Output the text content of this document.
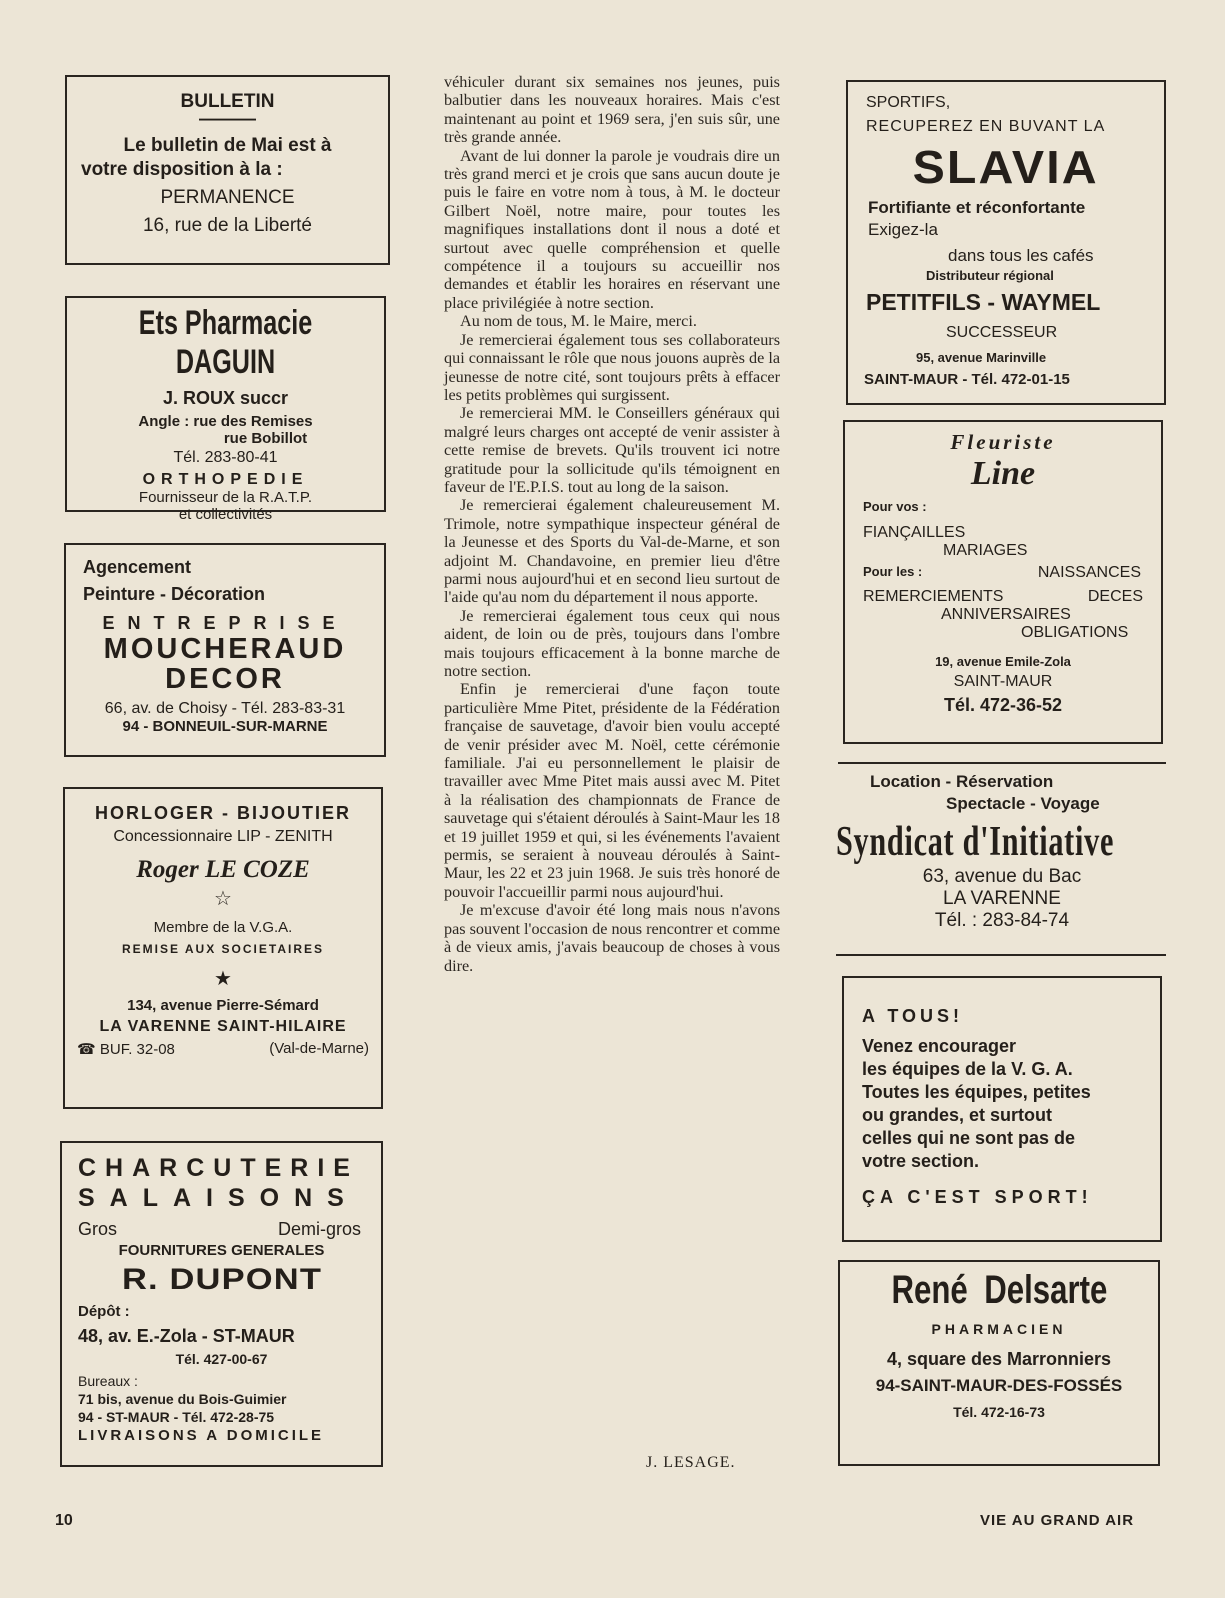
BULLETIN
———
Le bulletin de Mai est à
votre disposition à la :
PERMANENCE
16, rue de la Liberté
Ets Pharmacie DAGUIN
J. ROUX succr
Angle : rue des Remises
rue Bobillot
Tél. 283-80-41
ORTHOPEDIE
Fournisseur de la R.A.T.P.
et collectivités
Agencement
Peinture - Décoration
ENTREPRISE
MOUCHERAUD
DECOR
66, av. de Choisy - Tél. 283-83-31
94 - BONNEUIL-SUR-MARNE
HORLOGER - BIJOUTIER
Concessionnaire LIP - ZENITH
Roger LE COZE
☆
Membre de la V.G.A.
REMISE AUX SOCIETAIRES
★
134, avenue Pierre-Sémard
LA VARENNE SAINT-HILAIRE
☎ BUF. 32-08	(Val-de-Marne)
CHARCUTERIE
SALAISONS
Gros	Demi-gros
FOURNITURES GENERALES
R. DUPONT
Dépôt :
48, av. E.-Zola - ST-MAUR
Tél. 427-00-67
Bureaux :
71 bis, avenue du Bois-Guimier
94 - ST-MAUR - Tél. 472-28-75
LIVRAISONS A DOMICILE

véhiculer durant six semaines nos jeunes, puis balbutier dans les nouveaux horaires. Mais c'est maintenant au point et 1969 sera, j'en suis sûr, une très grande année.

Avant de lui donner la parole je voudrais dire un très grand merci et je crois que sans aucun doute je puis le faire en votre nom à tous, à M. le docteur Gilbert Noël, notre maire, pour toutes les magnifiques installations dont il nous a doté et surtout avec quelle compréhension et quelle compétence il a toujours su accueillir nos demandes et établir les horaires en réservant une place privilégiée à notre section.

Au nom de tous, M. le Maire, merci.

Je remercierai également tous ses collaborateurs qui connaissant le rôle que nous jouons auprès de la jeunesse de notre cité, sont toujours prêts à effacer les petits problèmes qui surgissent.

Je remercierai MM. le Conseillers généraux qui malgré leurs charges ont accepté de venir assister à cette remise de brevets. Qu'ils trouvent ici notre gratitude pour la sollicitude qu'ils témoignent en faveur de l'E.P.I.S. tout au long de la saison.

Je remercierai également chaleureusement M. Trimole, notre sympathique inspecteur général de la Jeunesse et des Sports du Val-de-Marne, et son adjoint M. Chandavoine, en premier lieu d'être parmi nous aujourd'hui et en second lieu surtout de l'aide qu'au nom du département il nous apporte.

Je remercierai également tous ceux qui nous aident, de loin ou de près, toujours dans l'ombre mais toujours efficacement à la bonne marche de notre section.

Enfin je remercierai d'une façon toute particulière Mme Pitet, présidente de la Fédération française de sauvetage, d'avoir bien voulu accepté de venir présider avec M. Noël, cette cérémonie familiale. J'ai eu personnellement le plaisir de travailler avec Mme Pitet mais aussi avec M. Pitet à la réalisation des championnats de France de sauvetage qui s'étaient déroulés à Saint-Maur les 18 et 19 juillet 1959 et qui, si les événements l'avaient permis, se seraient à nouveau déroulés à Saint-Maur, les 22 et 23 juin 1968. Je suis très honoré de pouvoir l'accueillir parmi nous aujourd'hui.

Je m'excuse d'avoir été long mais nous n'avons pas souvent l'occasion de nous rencontrer et comme à de vieux amis, j'avais beaucoup de choses à vous dire.

J. LESAGE.
SPORTIFS,
RECUPEREZ EN BUVANT LA
SLAVIA
Fortifiante et réconfortante
Exigez-la
dans tous les cafés
Distributeur régional
PETITFILS - WAYMEL
SUCCESSEUR
95, avenue Marinville
SAINT-MAUR - Tél. 472-01-15
Fleuriste
Line
Pour vos :
FIANÇAILLES
MARIAGES
Pour les :	NAISSANCES
REMERCIEMENTS	DECES
ANNIVERSAIRES
OBLIGATIONS
19, avenue Emile-Zola
SAINT-MAUR
Tél. 472-36-52
Location - Réservation
Spectacle - Voyage
Syndicat d'Initiative
63, avenue du Bac
LA VARENNE
Tél. : 283-84-74
A TOUS!
Venez encourager
les équipes de la V. G. A.
Toutes les équipes, petites
ou grandes, et surtout
celles qui ne sont pas de
votre section.
ÇA C'EST SPORT!
René Delsarte
PHARMACIEN
4, square des Marronniers
94-SAINT-MAUR-DES-FOSSÉS
Tél. 472-16-73
10	VIE AU GRAND AIR
